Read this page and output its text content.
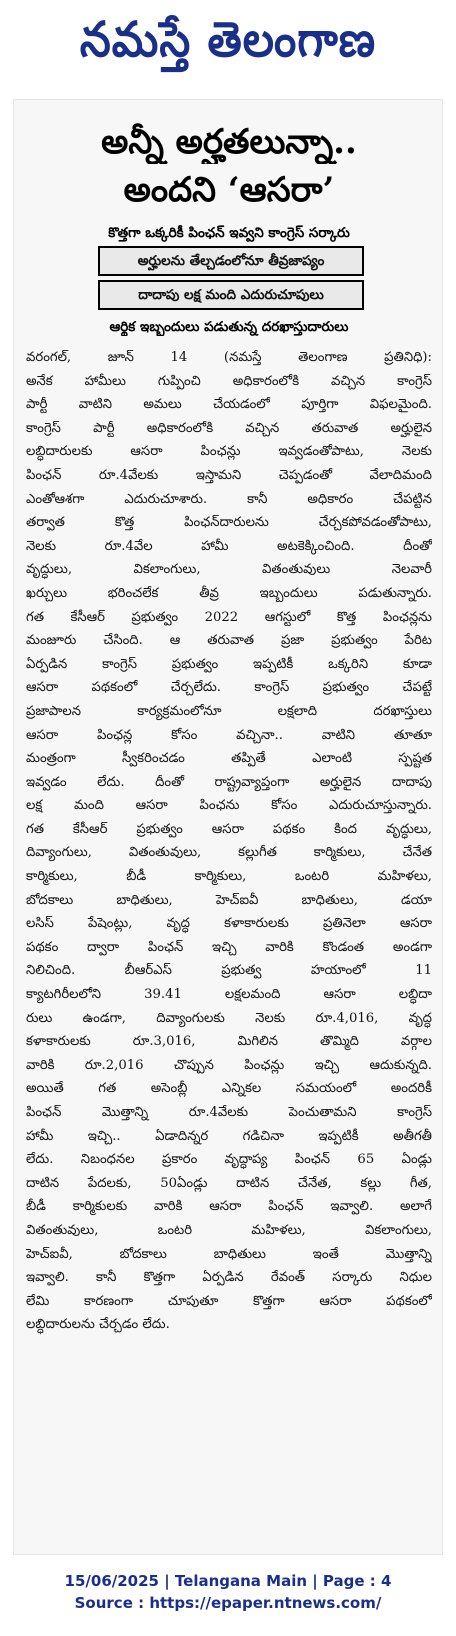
నమస్తే తెలంగాణ
అన్నీ అర్హతలున్నా..
అందని ‘ఆసరా’
కొత్తగా ఒక్కరికీ పింఛన్ ఇవ్వని కాంగ్రెస్ సర్కారు
అర్హులను తేల్చడంలోనూ తీవ్రజాప్యం
దాదాపు లక్ష మంది ఎదురుచూపులు
ఆర్థిక ఇబ్బందులు పడుతున్న దరఖాస్తుదారులు
వరంగల్, జూన్ 14 (నమస్తే తెలంగాణ ప్రతినిధి):
అనేక హామీలు గుప్పించి అధికారంలోకి వచ్చిన కాంగ్రెస్
పార్టీ వాటిని అమలు చేయడంలో పూర్తిగా విఫలమైంది.
కాంగ్రెస్ పార్టీ అధికారంలోకి వచ్చిన తరువాత అర్హులైన
లబ్ధిదారులకు ఆసరా పింఛన్లు ఇవ్వడంతోపాటు, నెలకు
పింఛన్ రూ.4వేలకు ఇస్తామని చెప్పడంతో వేలాదిమంది
ఎంతోఆశగా ఎదురుచూశారు. కానీ అధికారం చేపట్టిన
తర్వాత కొత్త పింఛన్‌దారులను చేర్చకపోవడంతోపాటు,
నెలకు రూ.4వేల హామీ అటకెక్కించింది. దీంతో
వృద్ధులు, వికలాంగులు, వితంతువులు నెలవారీ
ఖర్చులు భరించలేక తీవ్ర ఇబ్బందులు పడుతున్నారు.
గత కేసీఆర్ ప్రభుత్వం 2022 ఆగస్టులో కొత్త పింఛన్లను
మంజూరు చేసింది. ఆ తరువాత ప్రజా ప్రభుత్వం పేరిట
ఏర్పడిన కాంగ్రెస్ ప్రభుత్వం ఇప్పటికీ ఒక్కరిని కూడా
ఆసరా పథకంలో చేర్చలేదు. కాంగ్రెస్ ప్రభుత్వం చేపట్టే
ప్రజాపాలన కార్యక్రమంలోనూ లక్షలాది దరఖాస్తులు
ఆసరా పింఛన్ల కోసం వచ్చినా.. వాటిని తూతూ
మంత్రంగా స్వీకరించడం తప్పితే ఎలాంటి స్పష్టత
ఇవ్వడం లేదు. దీంతో రాష్ట్రవ్యాప్తంగా అర్హులైన దాదాపు
లక్ష మంది ఆసరా పింఛను కోసం ఎదురుచూస్తున్నారు.
గత కేసీఆర్ ప్రభుత్వం ఆసరా పథకం కింద వృద్ధులు,
దివ్యాంగులు, వితంతువులు, కల్లుగీత కార్మికులు, చేనేత
కార్మికులు, బీడీ కార్మికులు, ఒంటరి మహిళలు,
బోదకాలు బాధితులు, హెచ్ఐవీ బాధితులు, డయా
లసిస్ పేషెంట్లు, వృద్ధ కళాకారులకు ప్రతినెలా ఆసరా
పథకం ద్వారా పింఛన్ ఇచ్చి వారికి కొండంత అండగా
నిలిచింది. బీఆర్ఎస్ ప్రభుత్వ హయాంలో 11
క్యాటగిరీలలోని 39.41 లక్షలమంది ఆసరా లబ్ధిదా
రులు ఉండగా, దివ్యాంగులకు నెలకు రూ.4,016, వృద్ధ
కళాకారులకు రూ.3,016, మిగిలిన తొమ్మిది వర్గాల
వారికి రూ.2,016 చొప్పున పింఛన్లు ఇచ్చి ఆదుకున్నది.
అయితే గత అసెంబ్లీ ఎన్నికల సమయంలో అందరికీ
పింఛన్ మొత్తాన్ని రూ.4వేలకు పెంచుతామని కాంగ్రెస్
హామీ ఇచ్చి.. ఏడాదిన్నర గడిచినా ఇప్పటికీ అతీగతీ
లేదు. నిబంధనల ప్రకారం వృద్ధాప్య పింఛన్ 65 ఏండ్లు
దాటిన పేదలకు, 50ఏండ్లు దాటిన చేనేత, కల్లు గీత,
బీడీ కార్మికులకు వారికి ఆసరా పింఛన్ ఇవ్వాలి. అలాగే
వితంతువులు, ఒంటరి మహిళలు, వికలాంగులు,
హెచ్ఐవీ, బోదకాలు బాధితులు ఇంతే మొత్తాన్ని
ఇవ్వాలి. కానీ కొత్తగా ఏర్పడిన రేవంత్ సర్కారు నిధుల
లేమి కారణంగా చూపుతూ కొత్తగా ఆసరా పథకంలో
లబ్ధిదారులను చేర్చడం లేదు.
15/06/2025 | Telangana Main | Page : 4
Source : https://epaper.ntnews.com/
